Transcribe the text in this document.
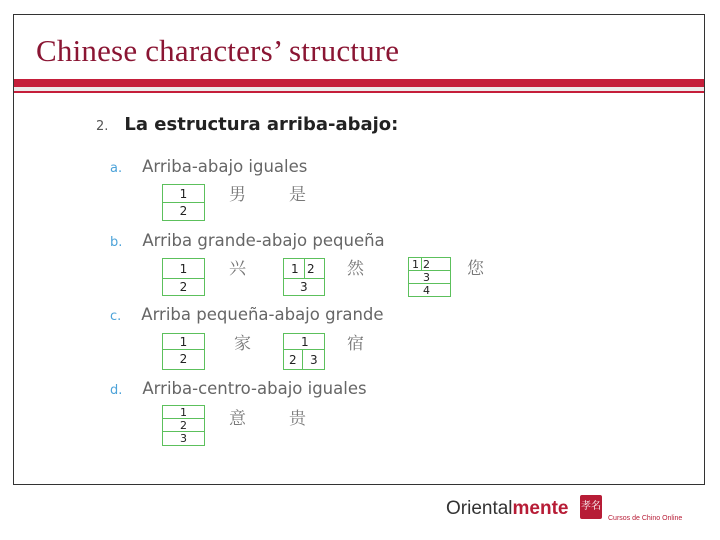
Chinese characters’ structure
2. La estructura arriba-abajo:
a. Arriba-abajo iguales
1
2
男	是
b. Arriba grande-abajo pequeña
1
2
兴	1 2
3
然	1 2
3
4
您
c. Arriba pequeña-abajo grande
1
2
家	1
2 3
宿
d. Arriba-centro-abajo iguales
1
2
3
意	贵
Orientalmente 孝名
Cursos de Chino Online
